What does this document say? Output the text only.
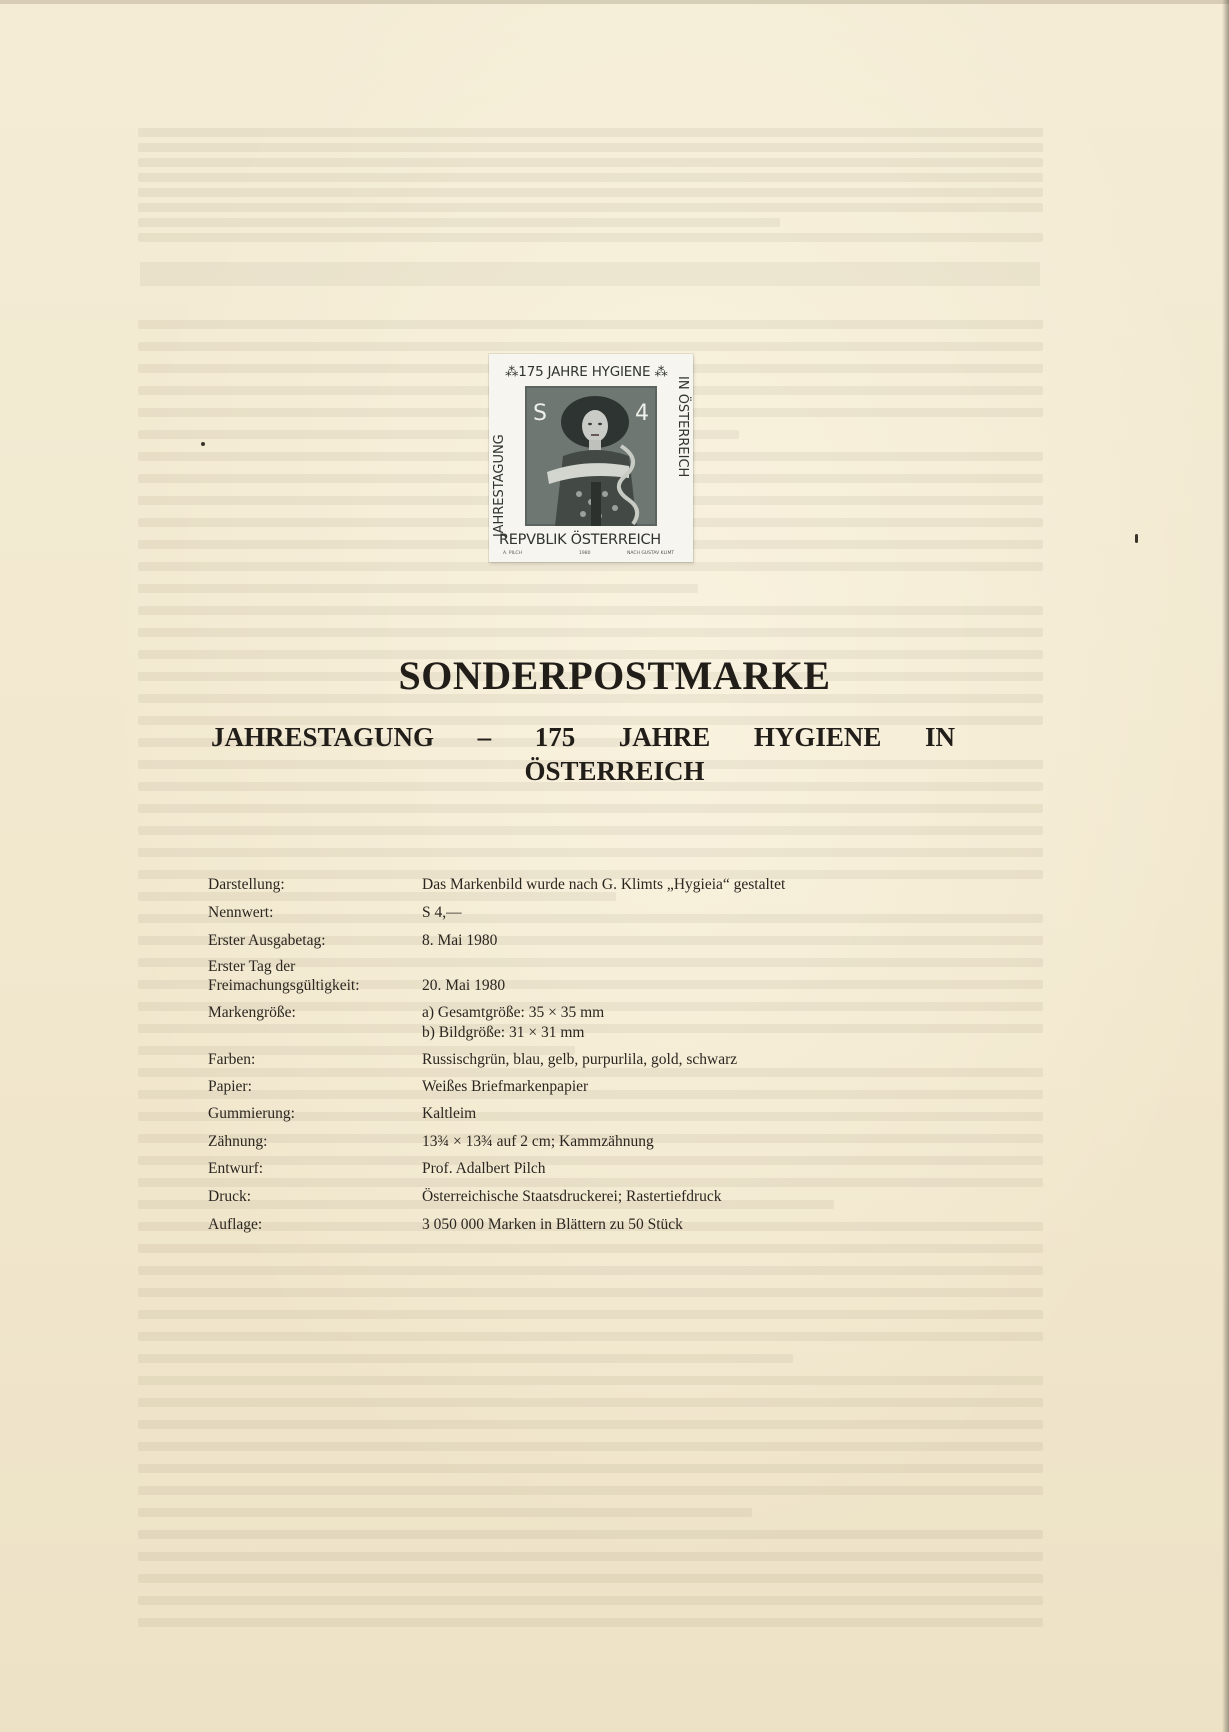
⁂175 JAHRE HYGIENE ⁂
JAHRESTAGUNG
IN ÖSTERREICH
S	4
REPVBLIK ÖSTERREICH
A. PILCH	1980	NACH GUSTAV KLIMT
SONDERPOSTMARKE
JAHRESTAGUNG – 175 JAHRE HYGIENE IN
ÖSTERREICH
Darstellung:	Das Markenbild wurde nach G. Klimts „Hygieia“ gestaltet
Nennwert:	S 4,—
Erster Ausgabetag:	8. Mai 1980
Erster Tag der
Freimachungsgültigkeit:	20. Mai 1980
Markengröße:	a) Gesamtgröße: 35 × 35 mm
b) Bildgröße: 31 × 31 mm
Farben:	Russischgrün, blau, gelb, purpurlila, gold, schwarz
Papier:	Weißes Briefmarkenpapier
Gummierung:	Kaltleim
Zähnung:	13¾ × 13¾ auf 2 cm; Kammzähnung
Entwurf:	Prof. Adalbert Pilch
Druck:	Österreichische Staatsdruckerei; Rastertiefdruck
Auflage:	3 050 000 Marken in Blättern zu 50 Stück
